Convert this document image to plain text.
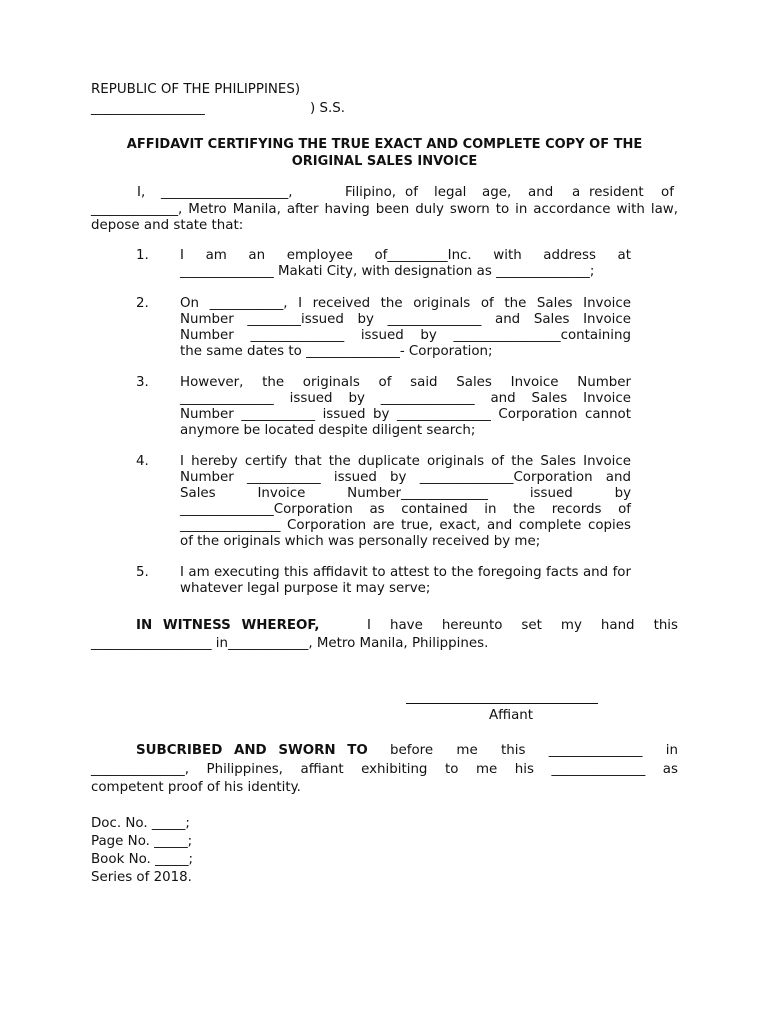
REPUBLIC OF THE PHILIPPINES)
_________________	) S.S.
AFFIDAVIT CERTIFYING THE TRUE EXACT AND COMPLETE COPY OF THE
ORIGINAL SALES INVOICE
I, ___________________,	Filipino, of legal age, and a resident of
_____________, Metro Manila, after having been duly sworn to in accordance with law,
depose and state that:
1. I am an employee of_________Inc. with address at
______________ Makati City, with designation as ______________;
2. On ___________, I received the originals of the Sales Invoice
Number ________issued by ______________ and Sales Invoice
Number ______________ issued by ________________containing
the same dates to ______________- Corporation;
3. However, the originals of said Sales Invoice Number
______________ issued by ______________ and Sales Invoice
Number ___________ issued by ______________ Corporation cannot
anymore be located despite diligent search;
4. I hereby certify that the duplicate originals of the Sales Invoice
Number ___________ issued by ______________Corporation and
Sales Invoice Number_____________ issued by
______________Corporation as contained in the records of
_______________ Corporation are true, exact, and complete copies
of the originals which was personally received by me;
5. I am executing this affidavit to attest to the foregoing facts and for
whatever legal purpose it may serve;
IN WITNESS WHEREOF,	I have hereunto set my hand this
__________________ in____________, Metro Manila, Philippines.
Affiant
SUBCRIBED AND SWORN TO before me this ______________ in
______________, Philippines, affiant exhibiting to me his ______________ as
competent proof of his identity.
Doc. No. _____;
Page No. _____;
Book No. _____;
Series of 2018.
